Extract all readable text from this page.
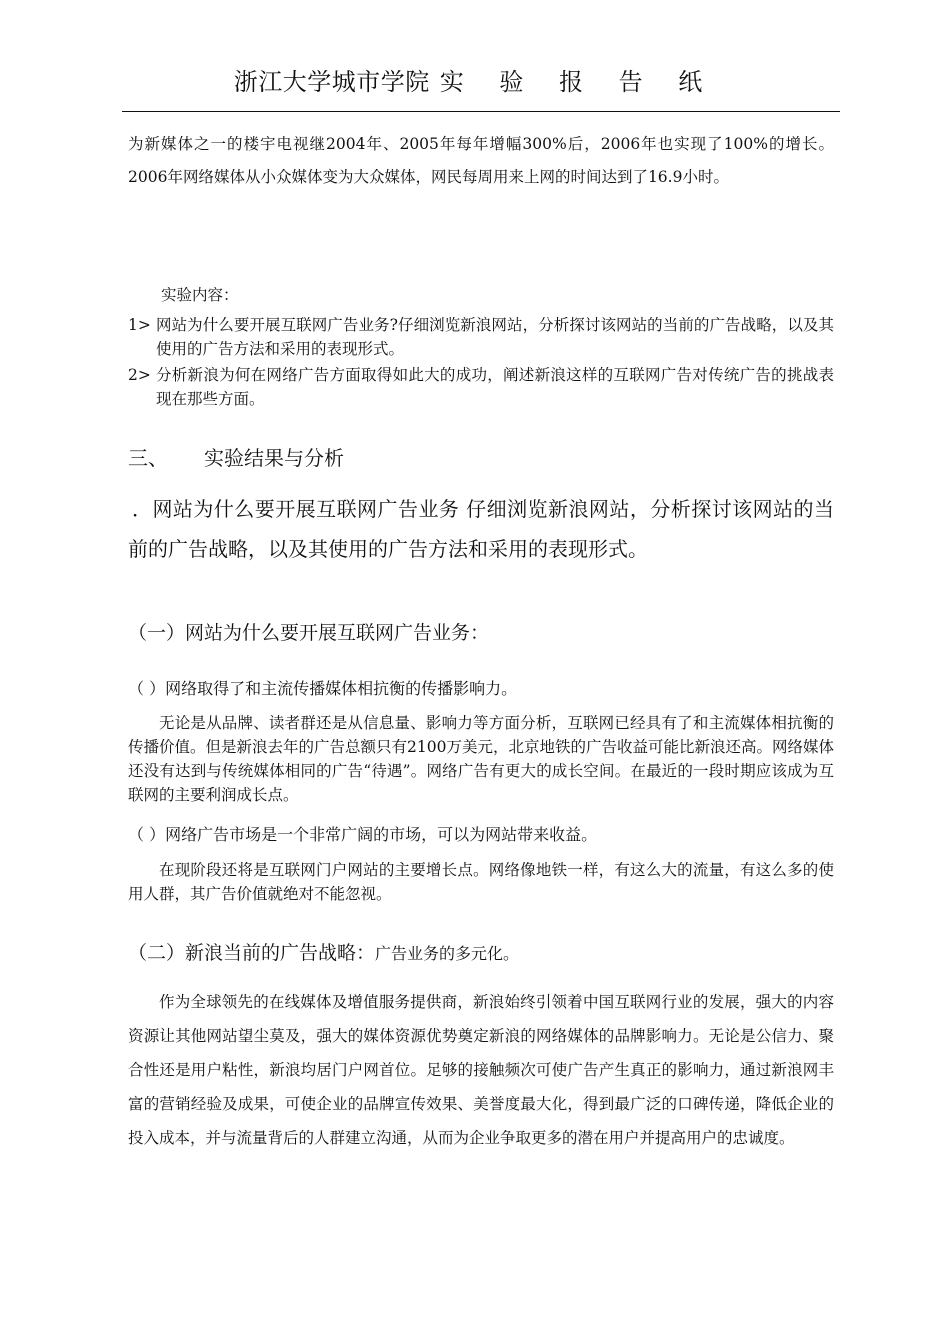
浙江大学城市学院 实 验 报 告 纸

为新媒体之一的楼宇电视继2004年、2005年每年增幅300%后，2006年也实现了100%的增长。2006年网络媒体从小众媒体变为大众媒体，网民每周用来上网的时间达到了16.9小时。

实验内容：
1> 网站为什么要开展互联网广告业务?仔细浏览新浪网站，分析探讨该网站的当前的广告战略，以及其使用的广告方法和采用的表现形式。
2> 分析新浪为何在网络广告方面取得如此大的成功，阐述新浪这样的互联网广告对传统广告的挑战表现在那些方面。
三、 实验结果与分析

．网站为什么要开展互联网广告业务 仔细浏览新浪网站，分析探讨该网站的当前的广告战略，以及其使用的广告方法和采用的表现形式。

（一）网站为什么要开展互联网广告业务：
（ ）网络取得了和主流传播媒体相抗衡的传播影响力。

无论是从品牌、读者群还是从信息量、影响力等方面分析，互联网已经具有了和主流媒体相抗衡的传播价值。但是新浪去年的广告总额只有2100万美元，北京地铁的广告收益可能比新浪还高。网络媒体还没有达到与传统媒体相同的广告“待遇”。网络广告有更大的成长空间。在最近的一段时期应该成为互联网的主要利润成长点。

（ ）网络广告市场是一个非常广阔的市场，可以为网站带来收益。

在现阶段还将是互联网门户网站的主要增长点。网络像地铁一样，有这么大的流量，有这么多的使用人群，其广告价值就绝对不能忽视。

（二）新浪当前的广告战略：广告业务的多元化。

作为全球领先的在线媒体及增值服务提供商，新浪始终引领着中国互联网行业的发展，强大的内容资源让其他网站望尘莫及，强大的媒体资源优势奠定新浪的网络媒体的品牌影响力。无论是公信力、聚合性还是用户粘性，新浪均居门户网首位。足够的接触频次可使广告产生真正的影响力，通过新浪网丰富的营销经验及成果，可使企业的品牌宣传效果、美誉度最大化，得到最广泛的口碑传递，降低企业的投入成本，并与流量背后的人群建立沟通，从而为企业争取更多的潜在用户并提高用户的忠诚度。
